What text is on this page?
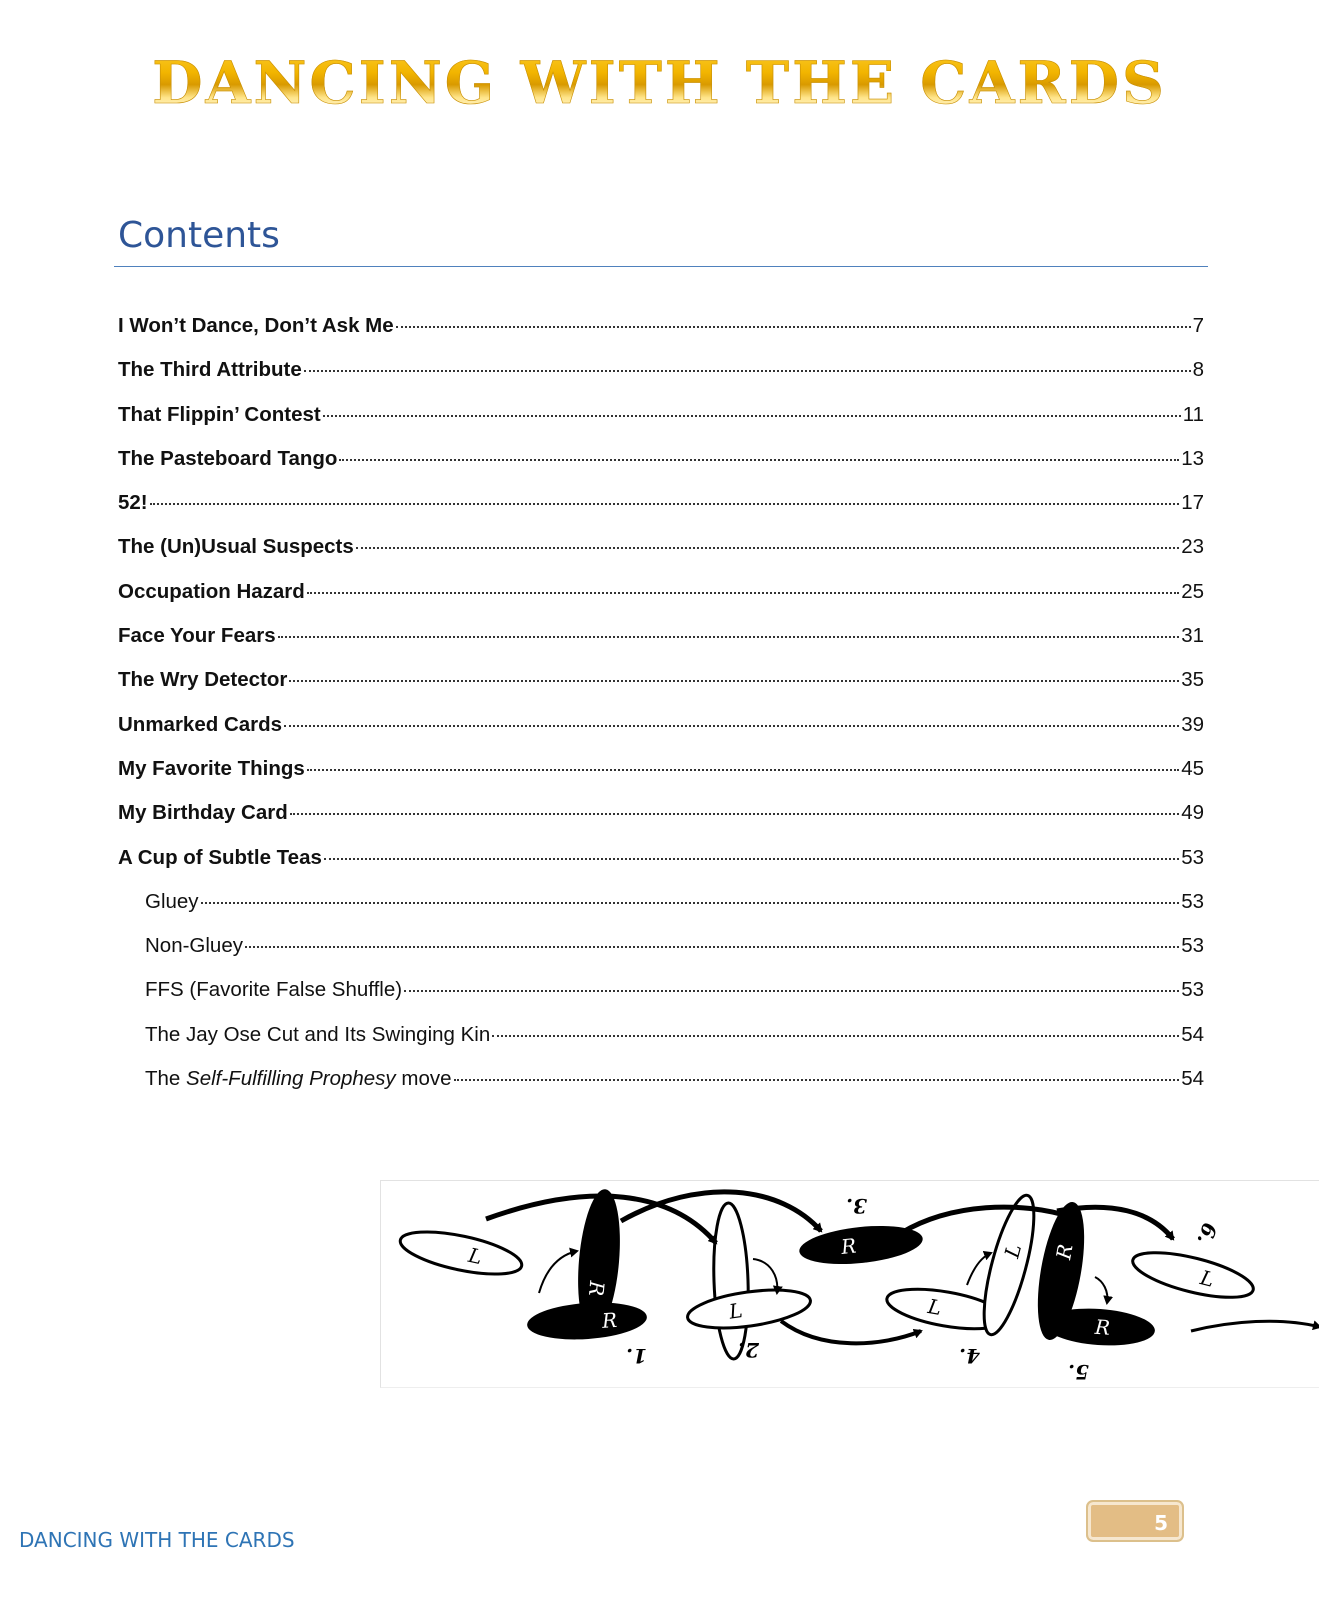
DANCING WITH THE CARDS
Contents
I Won’t Dance, Don’t Ask Me	7
The Third Attribute	8
That Flippin’ Contest	11
The Pasteboard Tango	13
52!	17
The (Un)Usual Suspects	23
Occupation Hazard	25
Face Your Fears	31
The Wry Detector	35
Unmarked Cards	39
My Favorite Things	45
My Birthday Card	49
A Cup of Subtle Teas	53
Gluey	53
Non-Gluey	53
FFS (Favorite False Shuffle)	53
The Jay Ose Cut and Its Swinging Kin	54
The Self-Fulfilling Prophesy move	54
L
R
R
1.
L
2.
R
3.
L
L
4.
R
R
5.
L
6.
DANCING WITH THE CARDS
5
